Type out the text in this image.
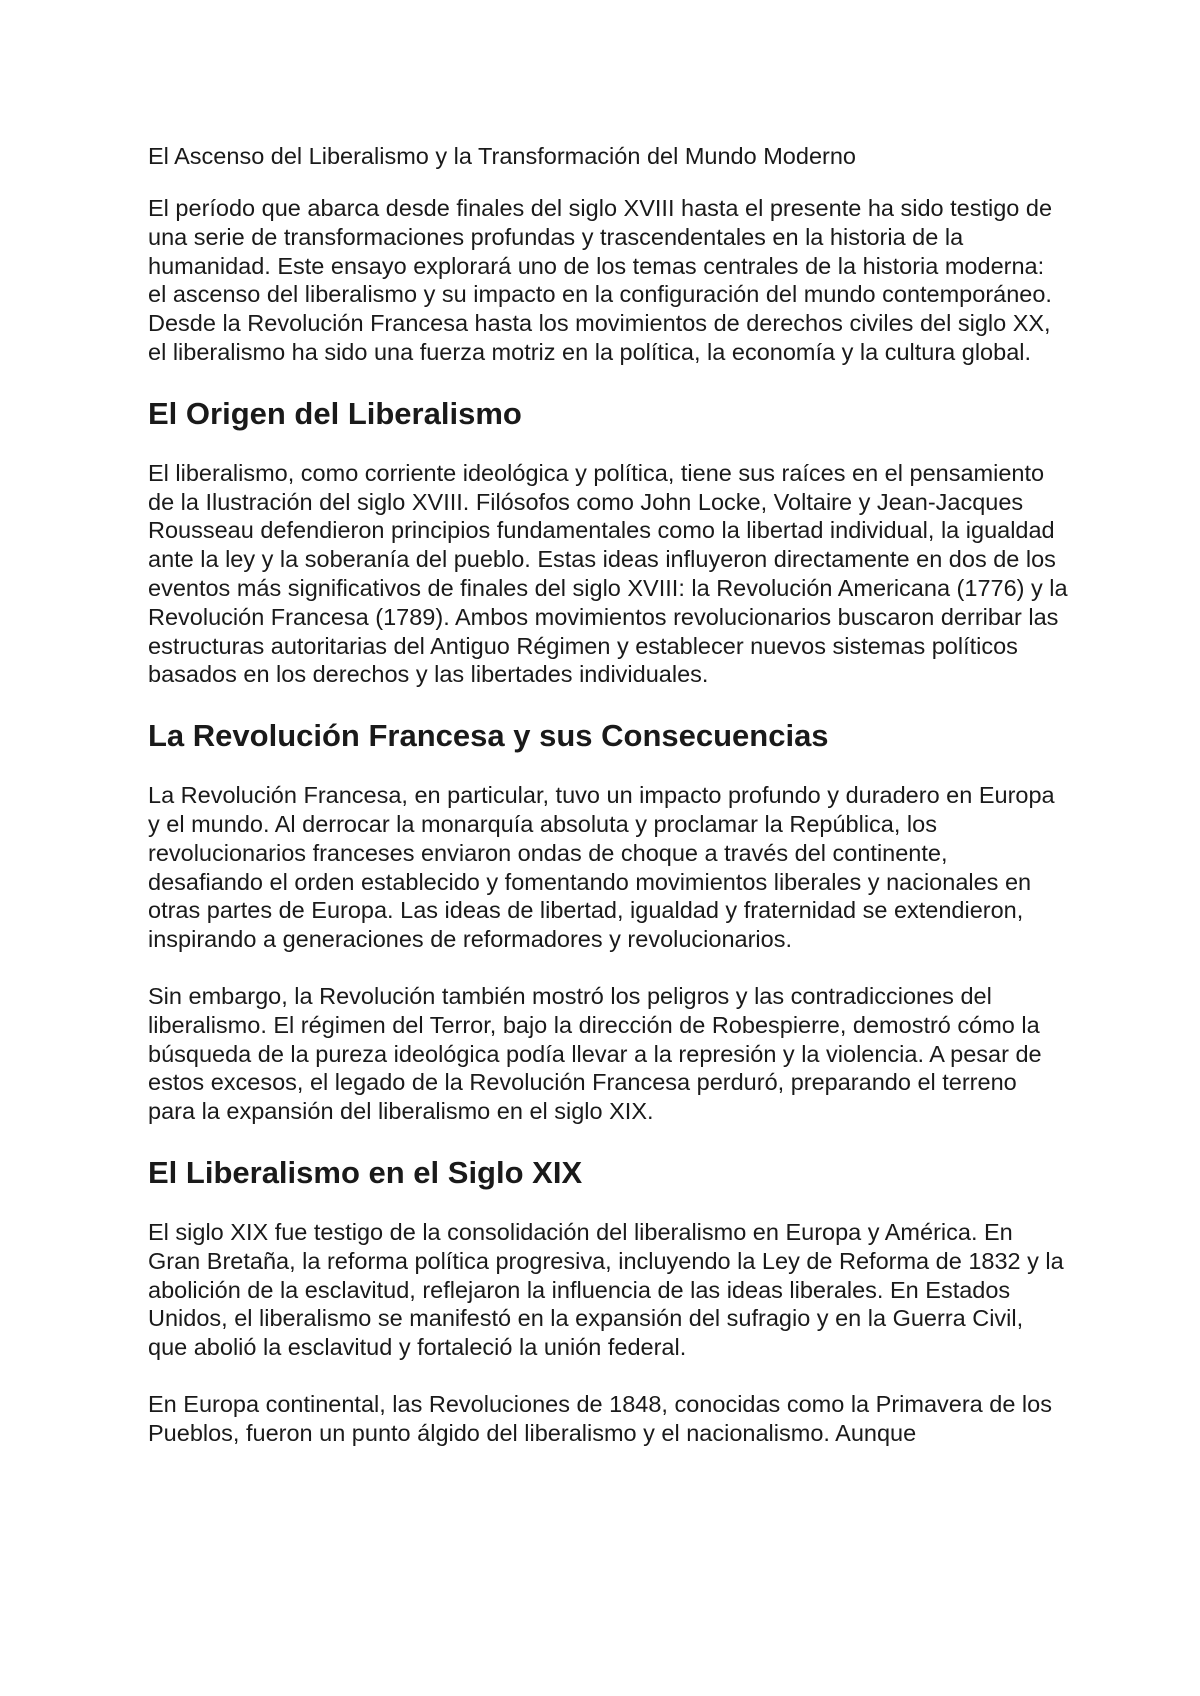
El Ascenso del Liberalismo y la Transformación del Mundo Moderno

El período que abarca desde finales del siglo XVIII hasta el presente ha sido testigo de una serie de transformaciones profundas y trascendentales en la historia de la humanidad. Este ensayo explorará uno de los temas centrales de la historia moderna: el ascenso del liberalismo y su impacto en la configuración del mundo contemporáneo. Desde la Revolución Francesa hasta los movimientos de derechos civiles del siglo XX, el liberalismo ha sido una fuerza motriz en la política, la economía y la cultura global.

El Origen del Liberalismo

El liberalismo, como corriente ideológica y política, tiene sus raíces en el pensamiento de la Ilustración del siglo XVIII. Filósofos como John Locke, Voltaire y Jean-Jacques Rousseau defendieron principios fundamentales como la libertad individual, la igualdad ante la ley y la soberanía del pueblo. Estas ideas influyeron directamente en dos de los eventos más significativos de finales del siglo XVIII: la Revolución Americana (1776) y la Revolución Francesa (1789). Ambos movimientos revolucionarios buscaron derribar las estructuras autoritarias del Antiguo Régimen y establecer nuevos sistemas políticos basados en los derechos y las libertades individuales.

La Revolución Francesa y sus Consecuencias

La Revolución Francesa, en particular, tuvo un impacto profundo y duradero en Europa y el mundo. Al derrocar la monarquía absoluta y proclamar la República, los revolucionarios franceses enviaron ondas de choque a través del continente, desafiando el orden establecido y fomentando movimientos liberales y nacionales en otras partes de Europa. Las ideas de libertad, igualdad y fraternidad se extendieron, inspirando a generaciones de reformadores y revolucionarios.

Sin embargo, la Revolución también mostró los peligros y las contradicciones del liberalismo. El régimen del Terror, bajo la dirección de Robespierre, demostró cómo la búsqueda de la pureza ideológica podía llevar a la represión y la violencia. A pesar de estos excesos, el legado de la Revolución Francesa perduró, preparando el terreno para la expansión del liberalismo en el siglo XIX.

El Liberalismo en el Siglo XIX

El siglo XIX fue testigo de la consolidación del liberalismo en Europa y América. En Gran Bretaña, la reforma política progresiva, incluyendo la Ley de Reforma de 1832 y la abolición de la esclavitud, reflejaron la influencia de las ideas liberales. En Estados Unidos, el liberalismo se manifestó en la expansión del sufragio y en la Guerra Civil, que abolió la esclavitud y fortaleció la unión federal.

En Europa continental, las Revoluciones de 1848, conocidas como la Primavera de los Pueblos, fueron un punto álgido del liberalismo y el nacionalismo. Aunque
